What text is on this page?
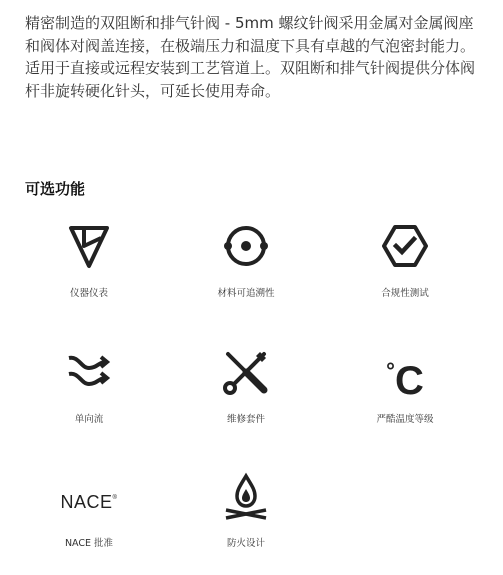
精密制造的双阻断和排气针阀 - 5mm 螺纹针阀采用金属对金属阀座和阀体对阀盖连接，在极端压力和温度下具有卓越的气泡密封能力。适用于直接或远程安装到工艺管道上。双阻断和排气针阀提供分体阀杆非旋转硬化针头，可延长使用寿命。

可选功能
仪器仪表	材料可追溯性	合规性测试
单向流	维修套件
°C
严酷温度等级
NACE®
NACE 批准	防火设计
